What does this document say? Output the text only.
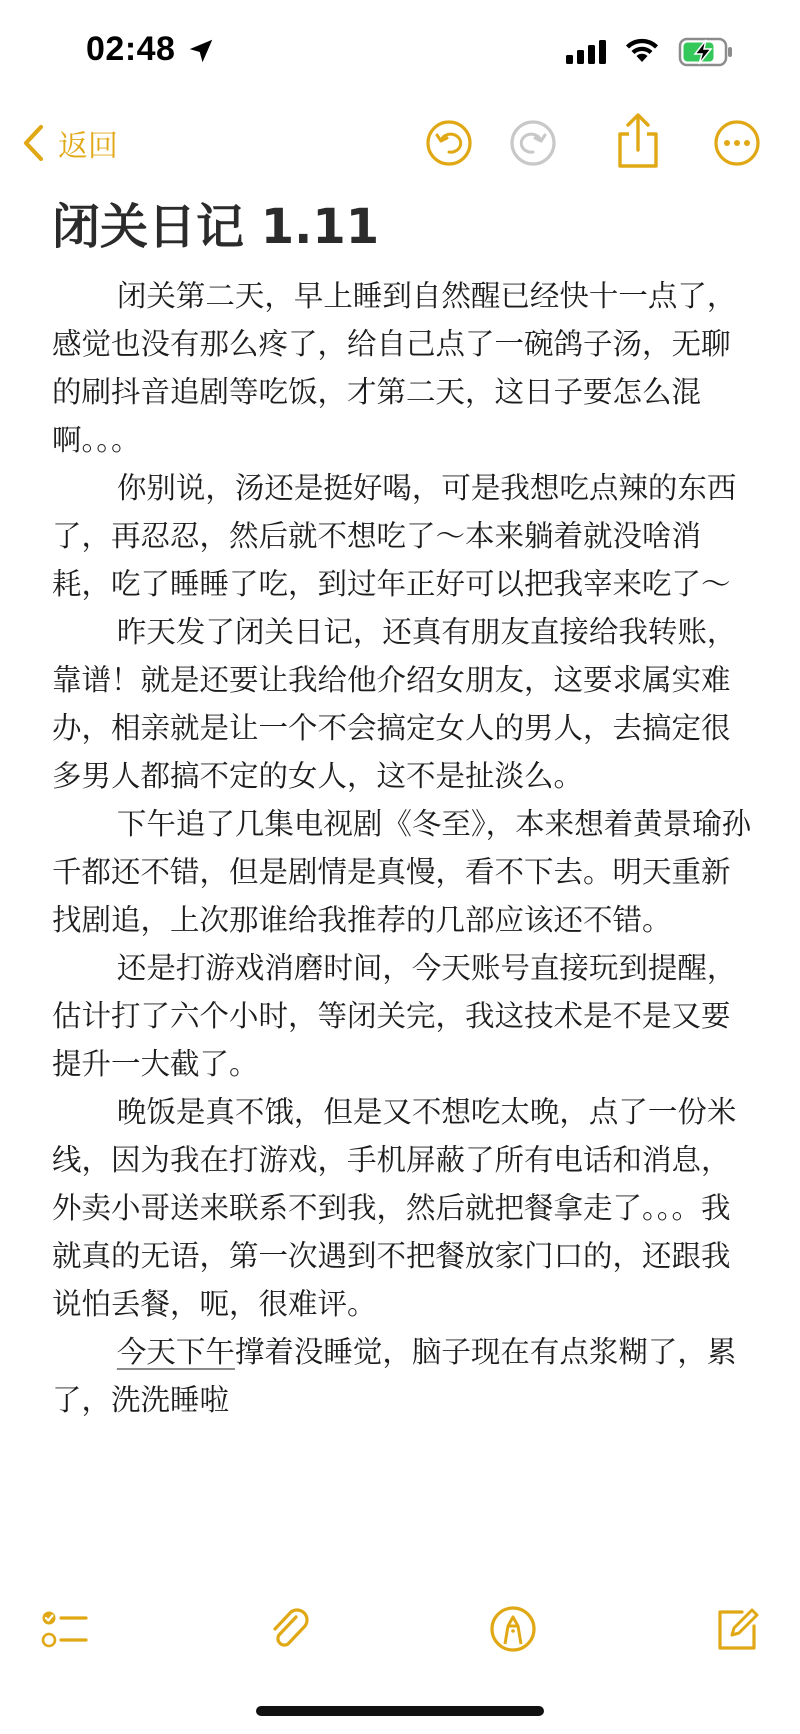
02:48
返回
闭关日记 1.11

闭关第二天，早上睡到自然醒已经快十一点了，感觉也没有那么疼了，给自己点了一碗鸽子汤，无聊的刷抖音追剧等吃饭，才第二天，这日子要怎么混啊。。。

你别说，汤还是挺好喝，可是我想吃点辣的东西了，再忍忍，然后就不想吃了～本来躺着就没啥消耗，吃了睡睡了吃，到过年正好可以把我宰来吃了～

昨天发了闭关日记，还真有朋友直接给我转账，靠谱！就是还要让我给他介绍女朋友，这要求属实难办，相亲就是让一个不会搞定女人的男人，去搞定很多男人都搞不定的女人，这不是扯淡么。

下午追了几集电视剧《冬至》，本来想着黄景瑜孙千都还不错，但是剧情是真慢，看不下去。明天重新找剧追，上次那谁给我推荐的几部应该还不错。

还是打游戏消磨时间，今天账号直接玩到提醒，估计打了六个小时，等闭关完，我这技术是不是又要提升一大截了。

晚饭是真不饿，但是又不想吃太晚，点了一份米线，因为我在打游戏，手机屏蔽了所有电话和消息，外卖小哥送来联系不到我，然后就把餐拿走了。。。我就真的无语，第一次遇到不把餐放家门口的，还跟我说怕丢餐，呃，很难评。

今天下午撑着没睡觉，脑子现在有点浆糊了，累了，洗洗睡啦
